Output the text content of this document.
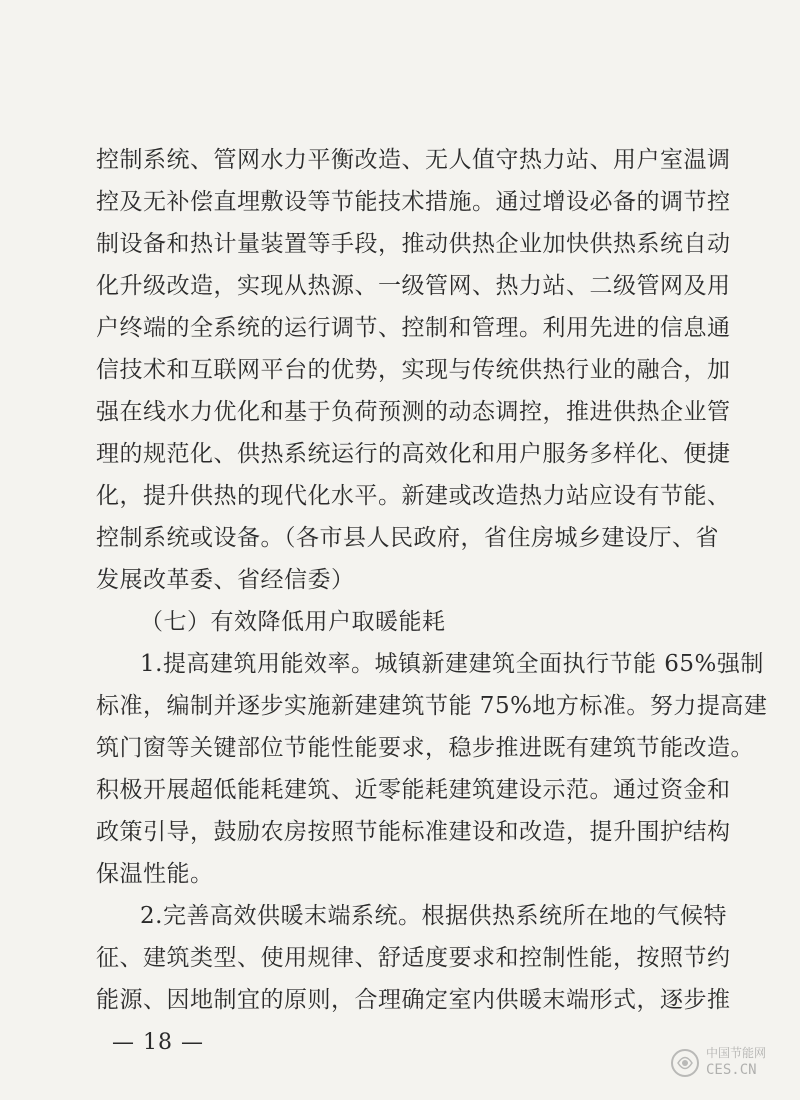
控制系统、管网水力平衡改造、无人值守热力站、用户室温调
控及无补偿直埋敷设等节能技术措施。通过增设必备的调节控
制设备和热计量装置等手段，推动供热企业加快供热系统自动
化升级改造，实现从热源、一级管网、热力站、二级管网及用
户终端的全系统的运行调节、控制和管理。利用先进的信息通
信技术和互联网平台的优势，实现与传统供热行业的融合，加
强在线水力优化和基于负荷预测的动态调控，推进供热企业管
理的规范化、供热系统运行的高效化和用户服务多样化、便捷
化，提升供热的现代化水平。新建或改造热力站应设有节能、
控制系统或设备。（各市县人民政府，省住房城乡建设厅、省
发展改革委、省经信委）
（七）有效降低用户取暖能耗
1.提高建筑用能效率。城镇新建建筑全面执行节能 65%强制
标准，编制并逐步实施新建建筑节能 75%地方标准。努力提高建
筑门窗等关键部位节能性能要求，稳步推进既有建筑节能改造。
积极开展超低能耗建筑、近零能耗建筑建设示范。通过资金和
政策引导，鼓励农房按照节能标准建设和改造，提升围护结构
保温性能。
2.完善高效供暖末端系统。根据供热系统所在地的气候特
征、建筑类型、使用规律、舒适度要求和控制性能，按照节约
能源、因地制宜的原则，合理确定室内供暖末端形式，逐步推
— 18 —	中国节能网
CES.CN
